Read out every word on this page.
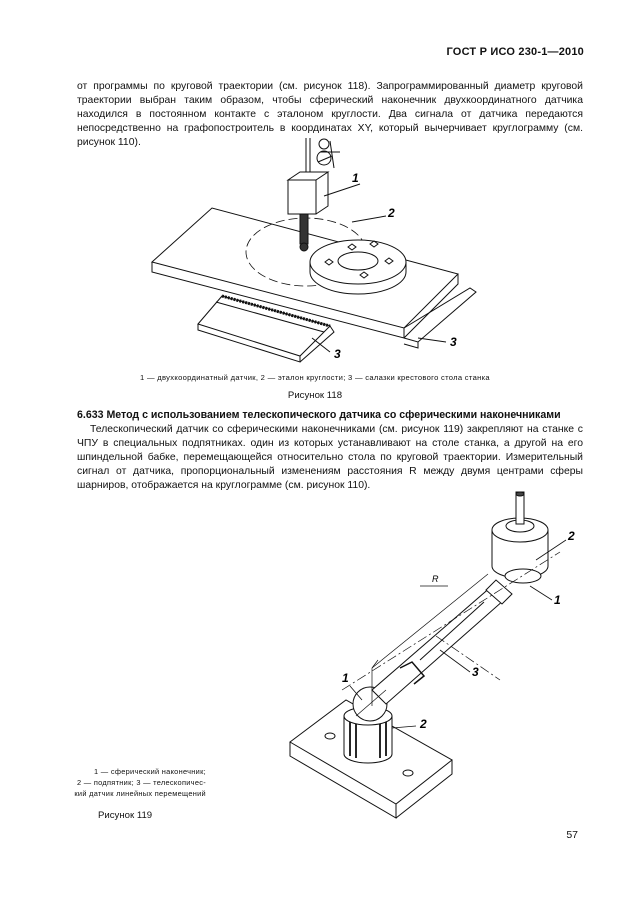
ГОСТ Р ИСО 230-1—2010
от программы по круговой траектории (см. рисунок 118). Запрограммированный диаметр круговой траектории выбран таким образом, чтобы сферический наконечник двухкоординатного датчика находился в постоянном контакте с эталоном круглости. Два сигнала от датчика передаются непосредственно на графопостроитель в координатах XY, который вычерчивает круглограмму (см. рисунок 110).
1
2
3
3
R
2
1
3
1
2
1 — двухкоординатный датчик, 2 — эталон круглости; 3 — салазки крестового стола станка
Рисунок 118
6.633 Метод с использованием телескопического датчика со сферическими наконечниками
Телескопический датчик со сферическими наконечниками (см. рисунок 119) закрепляют на станке с ЧПУ в специальных подпятниках. один из которых устанавливают на столе станка, а другой на его шпиндельной бабке, перемещающейся относительно стола по круговой траектории. Измерительный сигнал от датчика, пропорциональный изменениям расстояния R между двумя центрами сферы шарниров, отображается на круглограмме (см. рисунок 110).
1 — сферический наконечник;
2 — подпятник; 3 — телескопичес-
кий датчик линейных перемещений
Рисунок 119
57
